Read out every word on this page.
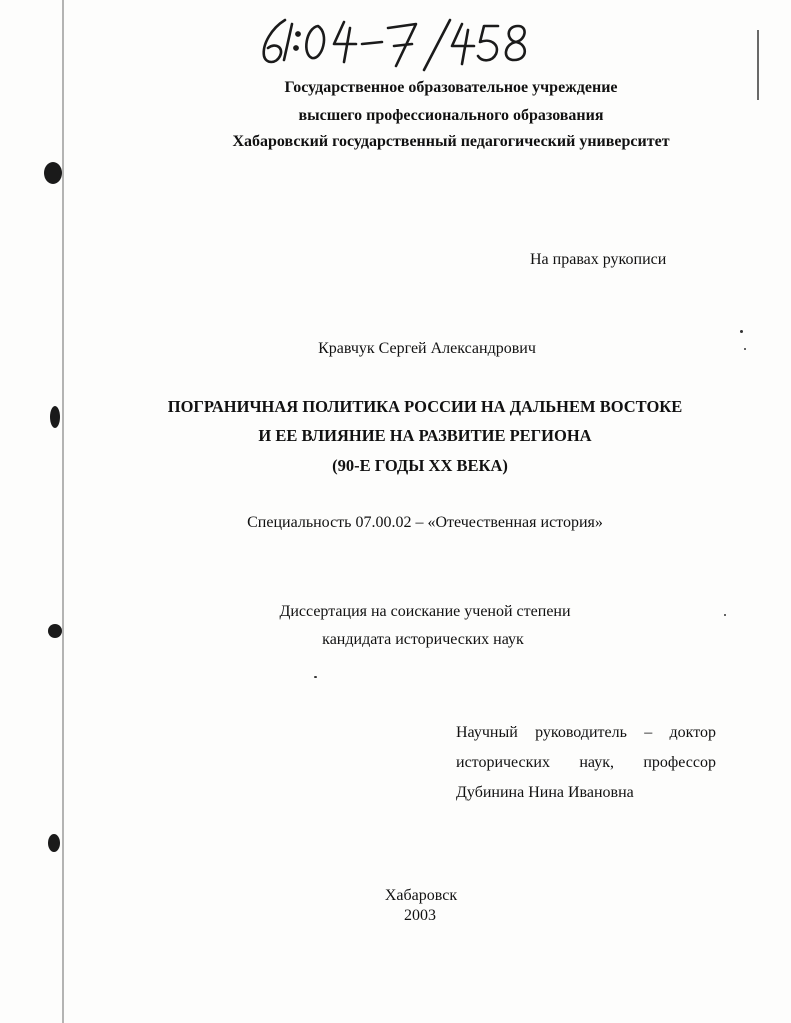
Государственное образовательное учреждение
высшего профессионального образования
Хабаровский государственный педагогический университет
На правах рукописи
Кравчук Сергей Александрович
ПОГРАНИЧНАЯ ПОЛИТИКА РОССИИ НА ДАЛЬНЕМ ВОСТОКЕ
И ЕЕ ВЛИЯНИЕ НА РАЗВИТИЕ РЕГИОНА
(90-Е ГОДЫ XX ВЕКА)
Специальность 07.00.02 – «Отечественная история»
Диссертация на соискание ученой степени
кандидата исторических наук
Научный руководитель – доктор
исторических наук, профессор
Дубинина Нина Ивановна
Хабаровск
2003
